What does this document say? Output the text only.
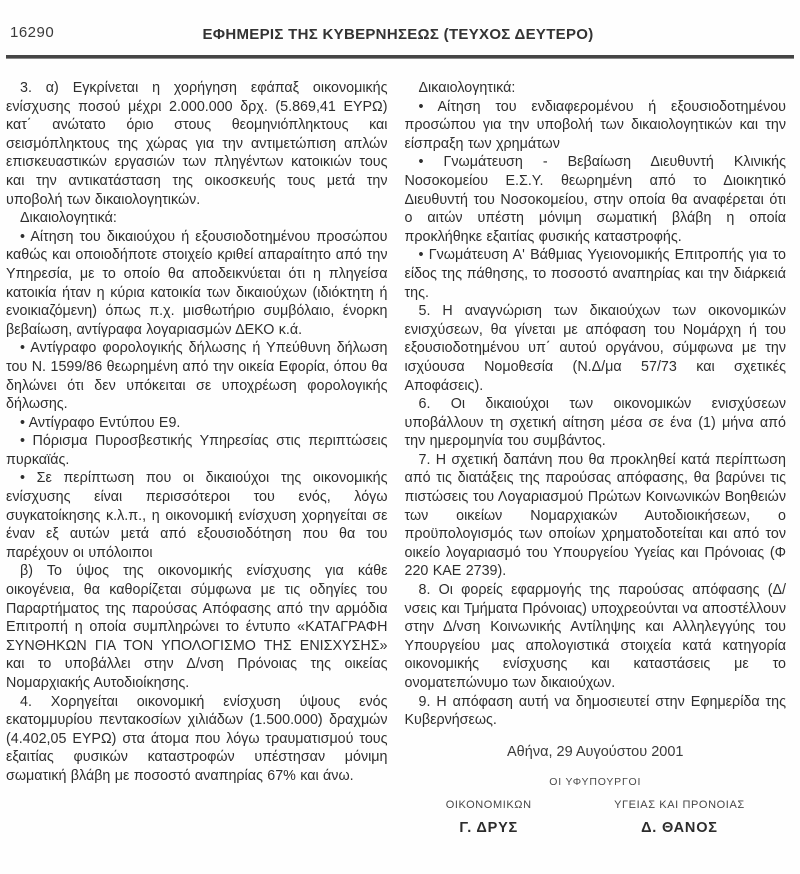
16290	ΕΦΗΜΕΡΙΣ ΤΗΣ ΚΥΒΕΡΝΗΣΕΩΣ (ΤΕΥΧΟΣ ΔΕΥΤΕΡΟ)

3. α) Εγκρίνεται η χορήγηση εφάπαξ οικονομικής ενίσχυσης ποσού μέχρι 2.000.000 δρχ. (5.869,41 ΕΥΡΩ) κατ΄ ανώτατο όριο στους θεομηνιόπληκτους και σεισμόπληκτους της χώρας για την αντιμετώπιση απλών επισκευαστικών εργασιών των πληγέντων κατοικιών τους και την αντικατάσταση της οικοσκευής τους μετά την υποβολή των δικαιολογητικών.

Δικαιολογητικά:

• Αίτηση του δικαιούχου ή εξουσιοδοτημένου προσώπου καθώς και οποιοδήποτε στοιχείο κριθεί απαραίτητο από την Υπηρεσία, με το οποίο θα αποδεικνύεται ότι η πληγείσα κατοικία ήταν η κύρια κατοικία των δικαιούχων (ιδιόκτητη ή ενοικιαζόμενη) όπως π.χ. μισθωτήριο συμβόλαιο, ένορκη βεβαίωση, αντίγραφα λογαριασμών ΔΕΚΟ κ.ά.

• Αντίγραφο φορολογικής δήλωσης ή Υπεύθυνη δήλωση του Ν. 1599/86 θεωρημένη από την οικεία Εφορία, όπου θα δηλώνει ότι δεν υπόκειται σε υποχρέωση φορολογικής δήλωσης.

• Αντίγραφο Εντύπου Ε9.

• Πόρισμα Πυροσβεστικής Υπηρεσίας στις περιπτώσεις πυρκαϊάς.

• Σε περίπτωση που οι δικαιούχοι της οικονομικής ενίσχυσης είναι περισσότεροι του ενός, λόγω συγκατοίκησης κ.λ.π., η οικονομική ενίσχυση χορηγείται σε έναν εξ αυτών μετά από εξουσιοδότηση που θα του παρέχουν οι υπόλοιποι

β) Το ύψος της οικονομικής ενίσχυσης για κάθε οικογένεια, θα καθορίζεται σύμφωνα με τις οδηγίες του Παραρτήματος της παρούσας Απόφασης από την αρμόδια Επιτροπή η οποία συμπληρώνει το έντυπο «ΚΑΤΑΓΡΑΦΗ ΣΥΝΘΗΚΩΝ ΓΙΑ ΤΟΝ ΥΠΟΛΟΓΙΣΜΟ ΤΗΣ ΕΝΙΣΧΥΣΗΣ» και το υποβάλλει στην Δ/νση Πρόνοιας της οικείας Νομαρχιακής Αυτοδιοίκησης.

4. Χορηγείται οικονομική ενίσχυση ύψους ενός εκατομμυρίου πεντακοσίων χιλιάδων (1.500.000) δραχμών (4.402,05 ΕΥΡΩ) στα άτομα που λόγω τραυματισμού τους εξαιτίας φυσικών καταστροφών υπέστησαν μόνιμη σωματική βλάβη με ποσοστό αναπηρίας 67% και άνω.

Δικαιολογητικά:

• Αίτηση του ενδιαφερομένου ή εξουσιοδοτημένου προσώπου για την υποβολή των δικαιολογητικών και την είσπραξη των χρημάτων

• Γνωμάτευση - Βεβαίωση Διευθυντή Κλινικής Νοσοκομείου Ε.Σ.Υ. θεωρημένη από το Διοικητικό Διευθυντή του Νοσοκομείου, στην οποία θα αναφέρεται ότι ο αιτών υπέστη μόνιμη σωματική βλάβη η οποία προκλήθηκε εξαιτίας φυσικής καταστροφής.

• Γνωμάτευση Α' Βάθμιας Υγειονομικής Επιτροπής για το είδος της πάθησης, το ποσοστό αναπηρίας και την διάρκειά της.

5. Η αναγνώριση των δικαιούχων των οικονομικών ενισχύσεων, θα γίνεται με απόφαση του Νομάρχη ή του εξουσιοδοτημένου υπ΄ αυτού οργάνου, σύμφωνα με την ισχύουσα Νομοθεσία (Ν.Δ/μα 57/73 και σχετικές Αποφάσεις).

6. Οι δικαιούχοι των οικονομικών ενισχύσεων υποβάλλουν τη σχετική αίτηση μέσα σε ένα (1) μήνα από την ημερομηνία του συμβάντος.

7. Η σχετική δαπάνη που θα προκληθεί κατά περίπτωση από τις διατάξεις της παρούσας απόφασης, θα βαρύνει τις πιστώσεις του Λογαριασμού Πρώτων Κοινωνικών Βοηθειών των οικείων Νομαρχιακών Αυτοδιοικήσεων, ο προϋπολογισμός των οποίων χρηματοδοτείται και από τον οικείο λογαριασμό του Υπουργείου Υγείας και Πρόνοιας (Φ 220 ΚΑΕ 2739).

8. Οι φορείς εφαρμογής της παρούσας απόφασης (Δ/νσεις και Τμήματα Πρόνοιας) υποχρεούνται να αποστέλλουν στην Δ/νση Κοινωνικής Αντίληψης και Αλληλεγγύης του Υπουργείου μας απολογιστικά στοιχεία κατά κατηγορία οικονομικής ενίσχυσης και καταστάσεις με το ονοματεπώνυμο των δικαιούχων.

9. Η απόφαση αυτή να δημοσιευτεί στην Εφημερίδα της Κυβερνήσεως.

Αθήνα, 29 Αυγούστου 2001
ΟΙ ΥΦΥΠΟΥΡΓΟΙ
ΟΙΚΟΝΟΜΙΚΩΝ
Γ. ΔΡΥΣ
ΥΓΕΙΑΣ ΚΑΙ ΠΡΟΝΟΙΑΣ
Δ. ΘΑΝΟΣ
